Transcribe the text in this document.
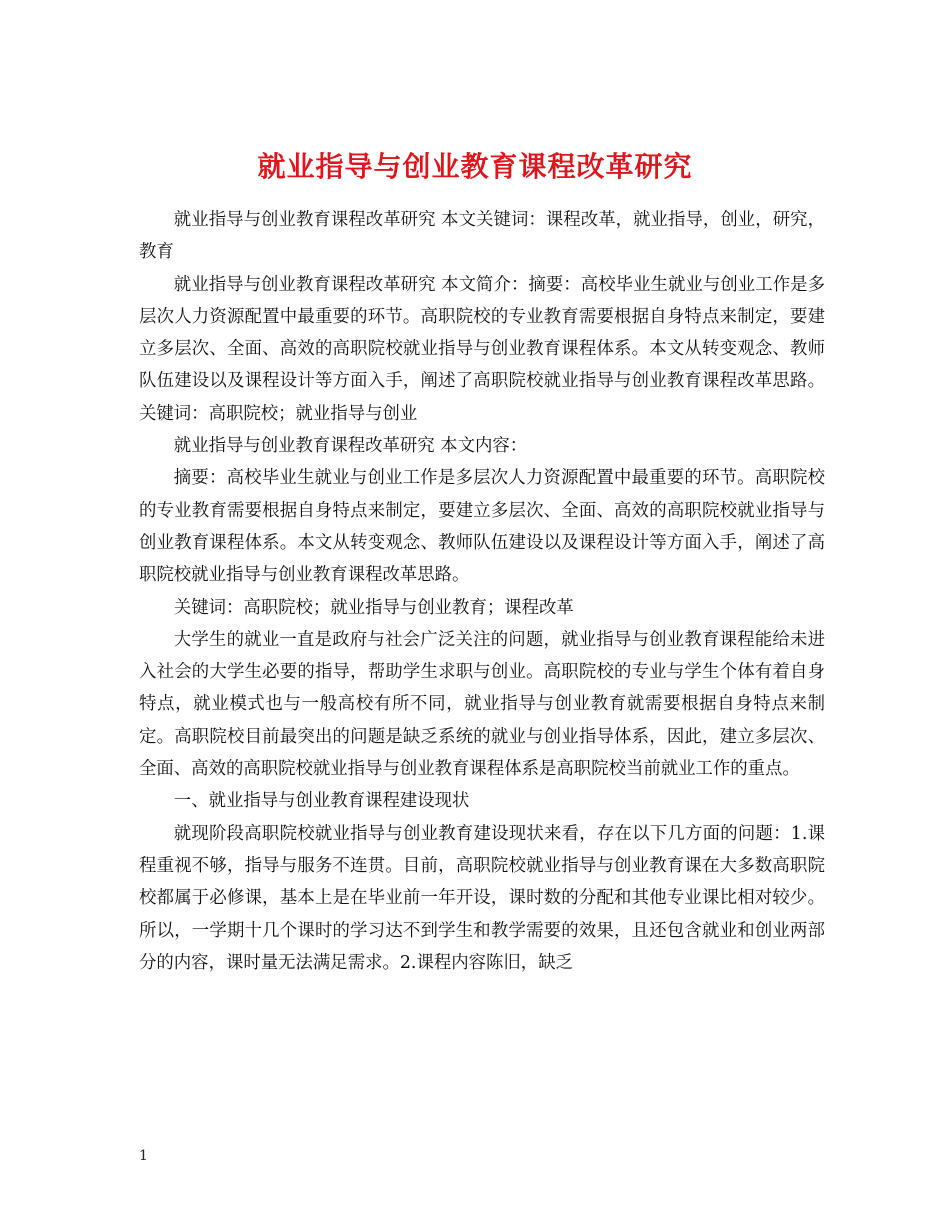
就业指导与创业教育课程改革研究

就业指导与创业教育课程改革研究 本文关键词：课程改革，就业指导，创业，研究，教育

就业指导与创业教育课程改革研究 本文简介：摘要：高校毕业生就业与创业工作是多层次人力资源配置中最重要的环节。高职院校的专业教育需要根据自身特点来制定，要建立多层次、全面、高效的高职院校就业指导与创业教育课程体系。本文从转变观念、教师队伍建设以及课程设计等方面入手，阐述了高职院校就业指导与创业教育课程改革思路。关键词：高职院校；就业指导与创业

就业指导与创业教育课程改革研究 本文内容：

摘要：高校毕业生就业与创业工作是多层次人力资源配置中最重要的环节。高职院校的专业教育需要根据自身特点来制定，要建立多层次、全面、高效的高职院校就业指导与创业教育课程体系。本文从转变观念、教师队伍建设以及课程设计等方面入手，阐述了高职院校就业指导与创业教育课程改革思路。

关键词：高职院校；就业指导与创业教育；课程改革

大学生的就业一直是政府与社会广泛关注的问题，就业指导与创业教育课程能给未进入社会的大学生必要的指导，帮助学生求职与创业。高职院校的专业与学生个体有着自身特点，就业模式也与一般高校有所不同，就业指导与创业教育就需要根据自身特点来制定。高职院校目前最突出的问题是缺乏系统的就业与创业指导体系，因此，建立多层次、全面、高效的高职院校就业指导与创业教育课程体系是高职院校当前就业工作的重点。

一、就业指导与创业教育课程建设现状

就现阶段高职院校就业指导与创业教育建设现状来看，存在以下几方面的问题：1.课程重视不够，指导与服务不连贯。目前，高职院校就业指导与创业教育课在大多数高职院校都属于必修课，基本上是在毕业前一年开设，课时数的分配和其他专业课比相对较少。所以，一学期十几个课时的学习达不到学生和教学需要的效果，且还包含就业和创业两部分的内容，课时量无法满足需求。2.课程内容陈旧，缺乏

1
